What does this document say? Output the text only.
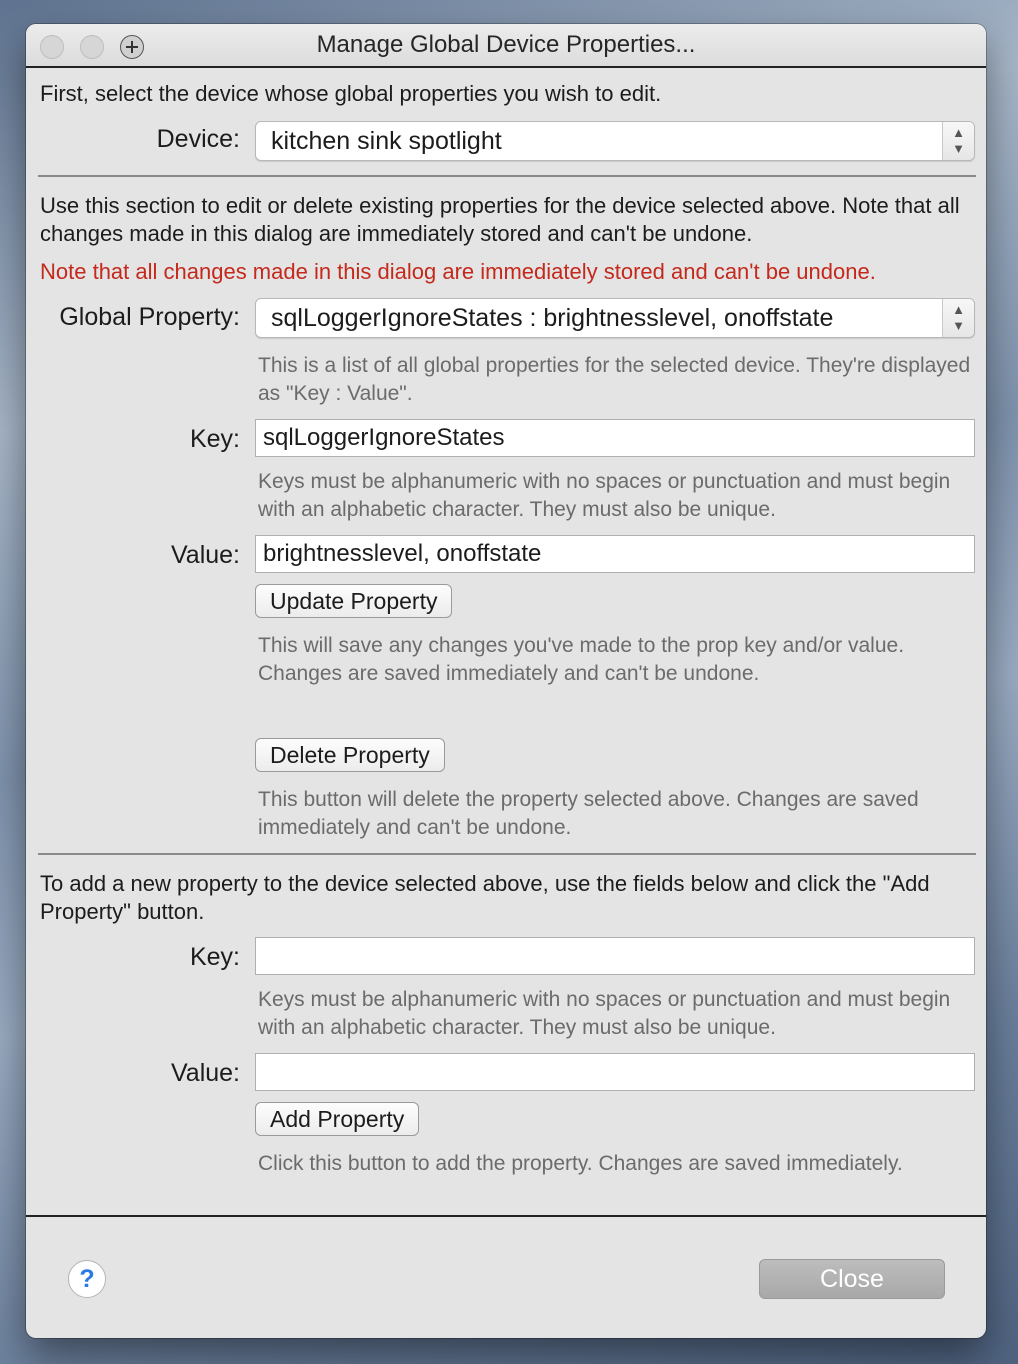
Manage Global Device Properties...
First, select the device whose global properties you wish to edit.
Device: kitchen sink spotlight	▲
▼
Use this section to edit or delete existing properties for the device selected above. Note that all changes made in this dialog are immediately stored and can't be undone.
Note that all changes made in this dialog are immediately stored and can't be undone.
Global Property: sqlLoggerIgnoreStates : brightnesslevel, onoffstate	▲
▼
This is a list of all global properties for the selected device. They're displayed as "Key : Value".
Key:
sqlLoggerIgnoreStates
Keys must be alphanumeric with no spaces or punctuation and must begin with an alphabetic character. They must also be unique.
Value:
brightnesslevel, onoffstate
Update Property
This will save any changes you've made to the prop key and/or value. Changes are saved immediately and can't be undone.
Delete Property
This button will delete the property selected above. Changes are saved immediately and can't be undone.
To add a new property to the device selected above, use the fields below and click the "Add Property" button.
Key:
Keys must be alphanumeric with no spaces or punctuation and must begin with an alphabetic character. They must also be unique.
Value:
Add Property
Click this button to add the property. Changes are saved immediately.
?	Close
